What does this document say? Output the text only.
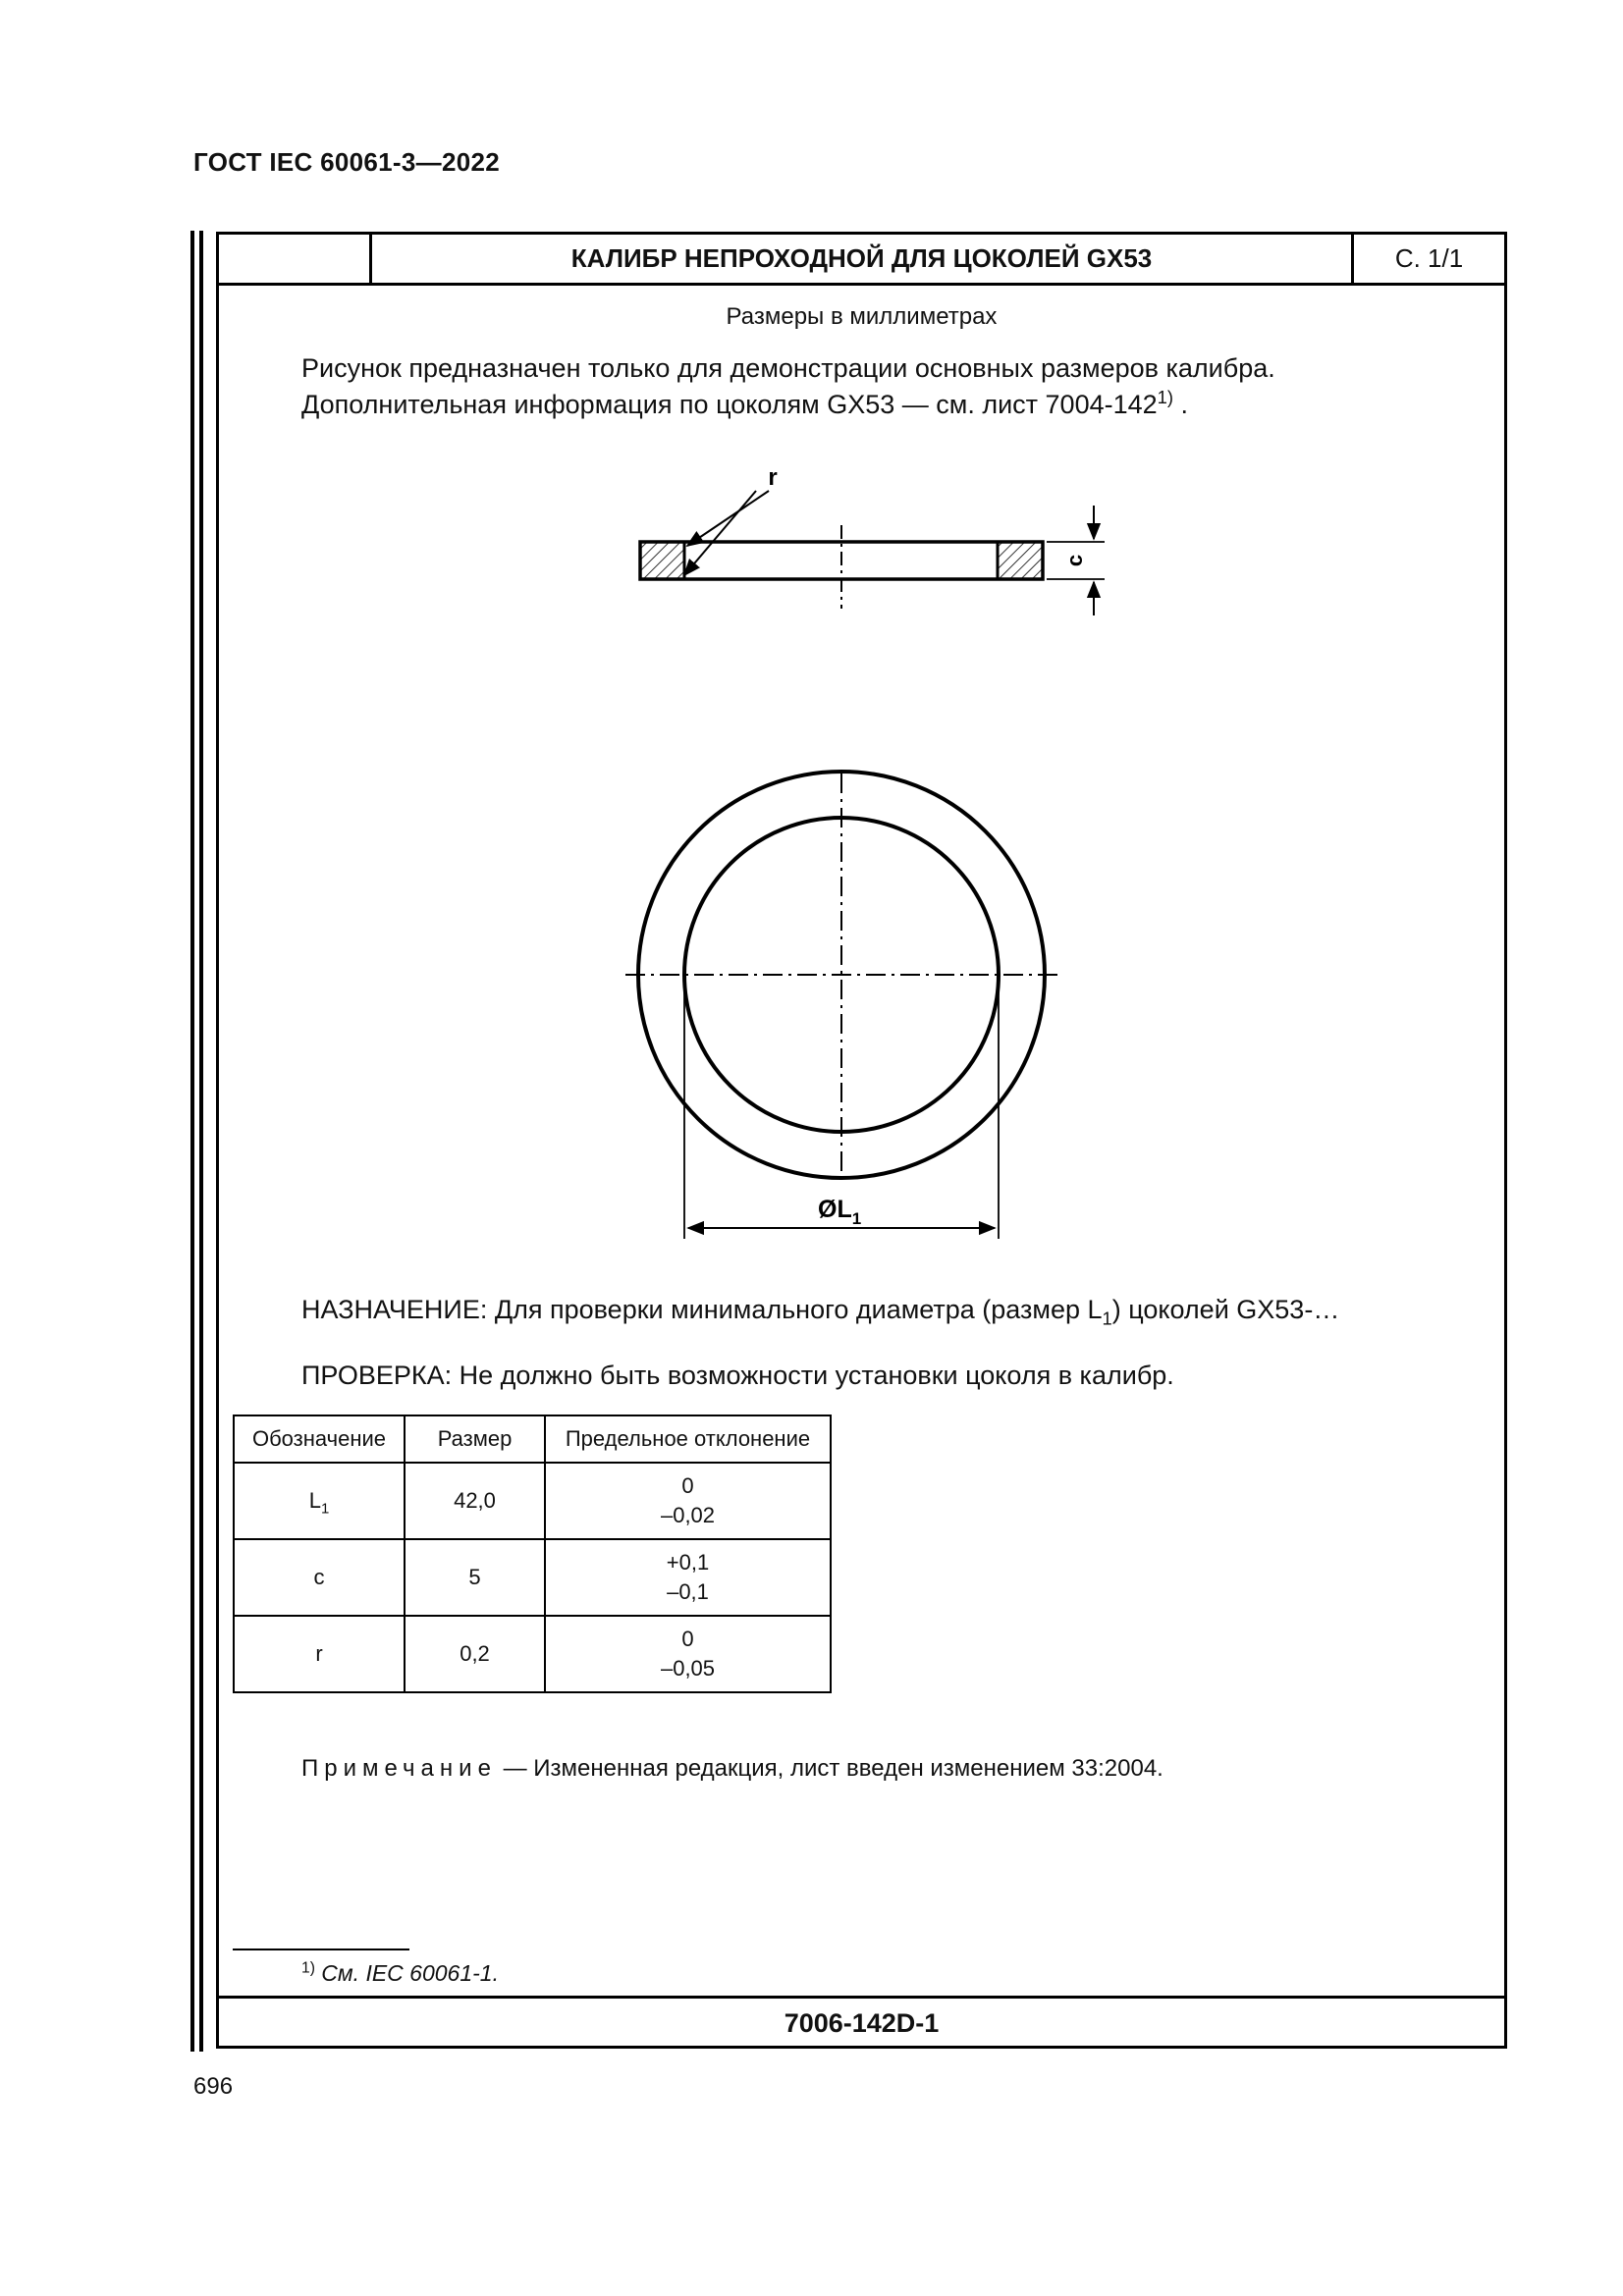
ГОСТ IEC 60061-3—2022
КАЛИБР НЕПРОХОДНОЙ ДЛЯ ЦОКОЛЕЙ GX53	С. 1/1
Размеры в миллиметрах
Рисунок предназначен только для демонстрации основных размеров калибра.
Дополнительная информация по цоколям GX53 — см. лист 7004-142$^{1)}$ .
r
c
$ØL_1$
НАЗНАЧЕНИЕ: Для проверки минимального диаметра (размер $L_1$) цоколей GX53-…
ПРОВЕРКА: Не должно быть возможности установки цоколя в калибр.
Обозначение	Размер	Предельное отклонение
$L_1$	42,0	0
–0,02

c	5	+0,1
–0,1

r	0,2	0
–0,05
Примечание — Измененная редакция, лист введен изменением 33:2004.
$^{1)}$ См. IEC 60061-1.
7006-142D-1
696
